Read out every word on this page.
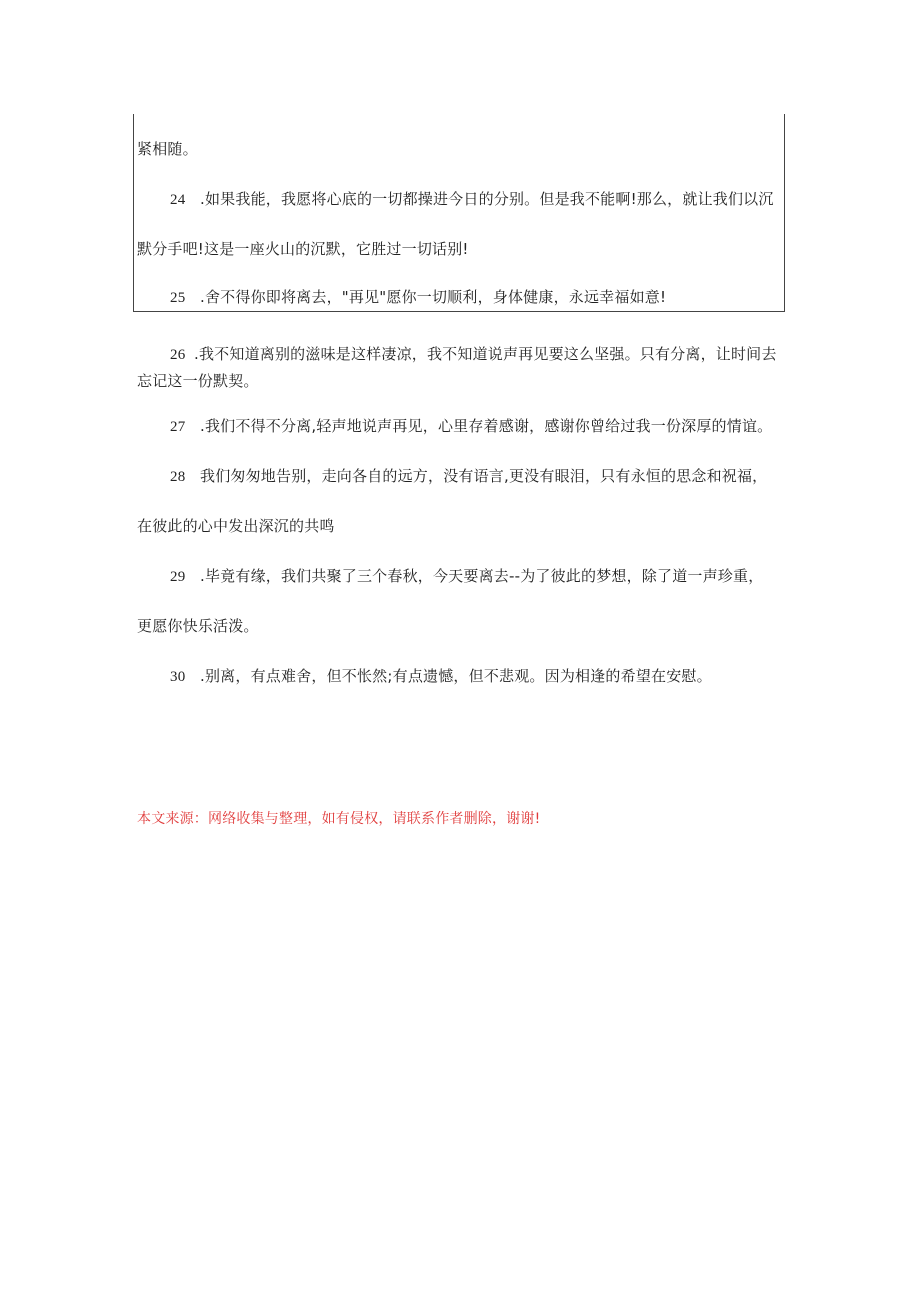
紧相随。
24 .如果我能，我愿将心底的一切都操进今日的分别。但是我不能啊!那么，就让我们以沉
默分手吧!这是一座火山的沉默，它胜过一切话别!
25 .舍不得你即将离去，"再见"愿你一切顺利，身体健康，永远幸福如意!
26 .我不知道离别的滋味是这样凄凉，我不知道说声再见要这么坚强。只有分离，让时间去
忘记这一份默契。
27 .我们不得不分离,轻声地说声再见，心里存着感谢，感谢你曾给过我一份深厚的情谊。
28 我们匆匆地告别，走向各自的远方，没有语言,更没有眼泪，只有永恒的思念和祝福，
在彼此的心中发出深沉的共鸣
29 .毕竟有缘，我们共聚了三个春秋，今天要离去--为了彼此的梦想，除了道一声珍重，
更愿你快乐活泼。
30 .别离，有点难舍，但不怅然;有点遗憾，但不悲观。因为相逢的希望在安慰。
本文来源：网络收集与整理，如有侵权，请联系作者删除，谢谢!
